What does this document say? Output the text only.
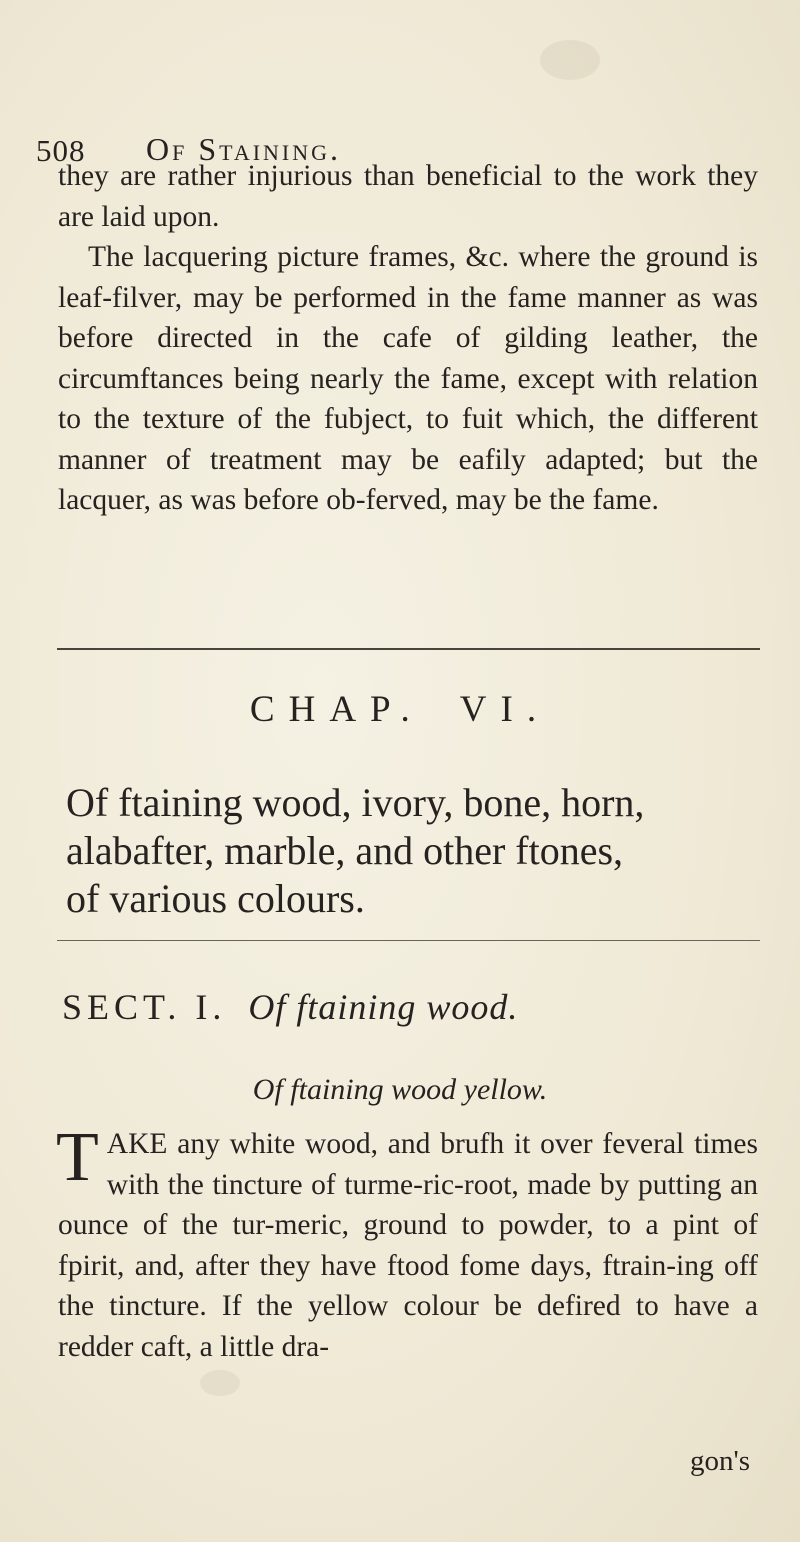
508 Of Staining.

they are rather injurious than beneficial to the work they are laid upon.

The lacquering picture frames, &c. where the ground is leaf-filver, may be performed in the fame manner as was before directed in the cafe of gilding leather, the circumftances being nearly the fame, except with relation to the texture of the fubject, to fuit which, the different manner of treatment may be eafily adapted; but the lacquer, as was before ob-ferved, may be the fame.

CHAP. VI.
Of ftaining wood, ivory, bone, horn,
alabafter, marble, and other ftones,
of various colours.
SECT. I. Of ftaining wood.
Of ftaining wood yellow.

TAKE any white wood, and brufh it over feveral times with the tincture of turme-ric-root, made by putting an ounce of the tur-meric, ground to powder, to a pint of fpirit, and, after they have ftood fome days, ftrain-ing off the tincture. If the yellow colour be defired to have a redder caft, a little dra-

gon's
